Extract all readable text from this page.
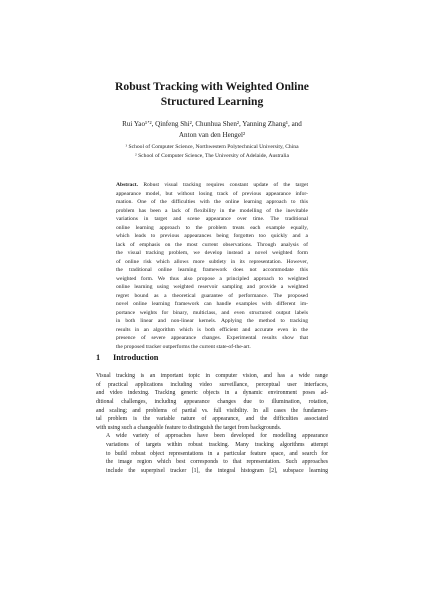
Robust Tracking with Weighted Online
Structured Learning
Rui Yao¹ʼ², Qinfeng Shi², Chunhua Shen², Yanning Zhang¹, and
Anton van den Hengel²
¹ School of Computer Science, Northwestern Polytechnical University, China
² School of Computer Science, The University of Adelaide, Australia
Abstract. Robust visual tracking requires constant update of the target
appearance model, but without losing track of previous appearance infor-
mation. One of the difficulties with the online learning approach to this
problem has been a lack of flexibility in the modelling of the inevitable
variations in target and scene appearance over time. The traditional
online learning approach to the problem treats each example equally,
which leads to previous appearances being forgotten too quickly and a
lack of emphasis on the most current observations. Through analysis of
the visual tracking problem, we develop instead a novel weighted form
of online risk which allows more subtlety in its representation. However,
the traditional online learning framework does not accommodate this
weighted form. We thus also propose a principled approach to weighted
online learning using weighted reservoir sampling and provide a weighted
regret bound as a theoretical guarantee of performance. The proposed
novel online learning framework can handle examples with different im-
portance weights for binary, multiclass, and even structured output labels
in both linear and non-linear kernels. Applying the method to tracking
results in an algorithm which is both efficient and accurate even in the
presence of severe appearance changes. Experimental results show that
the proposed tracker outperforms the current state-of-the-art.
1 Introduction

Visual tracking is an important topic in computer vision, and has a wide range
of practical applications including video surveillance, perceptual user interfaces,
and video indexing. Tracking generic objects in a dynamic environment poses ad-
ditional challenges, including appearance changes due to illumination, rotation,
and scaling; and problems of partial vs. full visibility. In all cases the fundamen-
tal problem is the variable nature of appearance, and the difficulties associated
with using such a changeable feature to distinguish the target from backgrounds.

A wide variety of approaches have been developed for modelling appearance
variations of targets within robust tracking. Many tracking algorithms attempt
to build robust object representations in a particular feature space, and search for
the image region which best corresponds to that representation. Such approaches
include the superpixel tracker [1], the integral histogram [2], subspace learning
